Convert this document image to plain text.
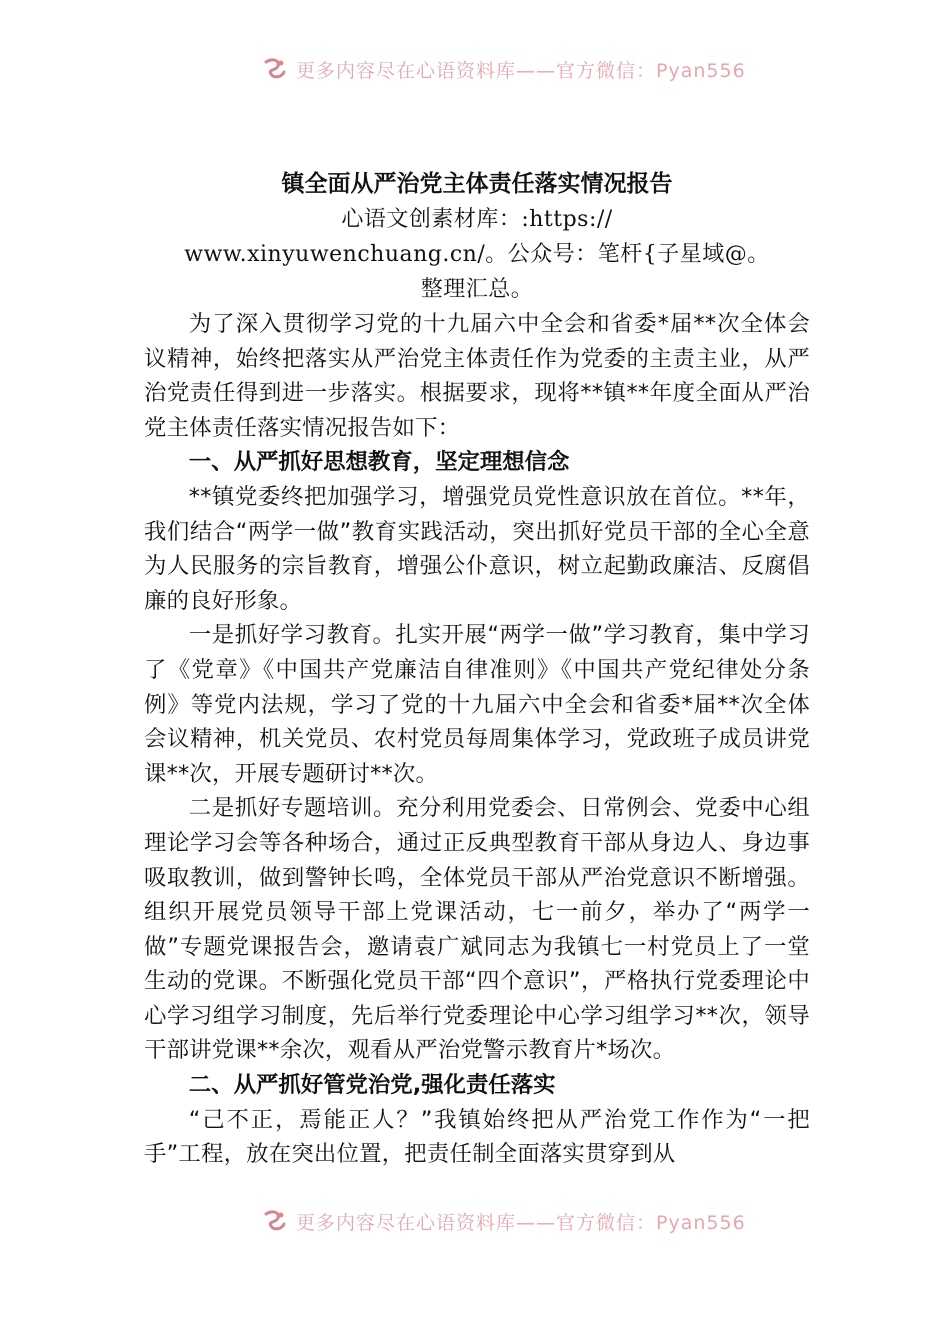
更多内容尽在心语资料库——官方微信：Pyan556
镇全面从严治党主体责任落实情况报告
心语文创素材库：:https://
www.xinyuwenchuang.cn/。公众号：笔杆{子星域@。
整理汇总。

为了深入贯彻学习党的十九届六中全会和省委*届**次全体会议精神，始终把落实从严治党主体责任作为党委的主责主业，从严治党责任得到进一步落实。根据要求，现将**镇**年度全面从严治党主体责任落实情况报告如下：

一、从严抓好思想教育，坚定理想信念

**镇党委终把加强学习，增强党员党性意识放在首位。**年，我们结合“两学一做”教育实践活动，突出抓好党员干部的全心全意为人民服务的宗旨教育，增强公仆意识，树立起勤政廉洁、反腐倡廉的良好形象。

一是抓好学习教育。扎实开展“两学一做”学习教育，集中学习了《党章》《中国共产党廉洁自律准则》《中国共产党纪律处分条例》等党内法规，学习了党的十九届六中全会和省委*届**次全体会议精神，机关党员、农村党员每周集体学习，党政班子成员讲党课**次，开展专题研讨**次。

二是抓好专题培训。充分利用党委会、日常例会、党委中心组理论学习会等各种场合，通过正反典型教育干部从身边人、身边事吸取教训，做到警钟长鸣，全体党员干部从严治党意识不断增强。组织开展党员领导干部上党课活动，七一前夕，举办了“两学一做”专题党课报告会，邀请袁广斌同志为我镇七一村党员上了一堂生动的党课。不断强化党员干部“四个意识”，严格执行党委理论中心学习组学习制度，先后举行党委理论中心学习组学习**次，领导干部讲党课**余次，观看从严治党警示教育片*场次。

二、从严抓好管党治党,强化责任落实

“己不正，焉能正人？”我镇始终把从严治党工作作为“一把手”工程，放在突出位置，把责任制全面落实贯穿到从

更多内容尽在心语资料库——官方微信：Pyan556
